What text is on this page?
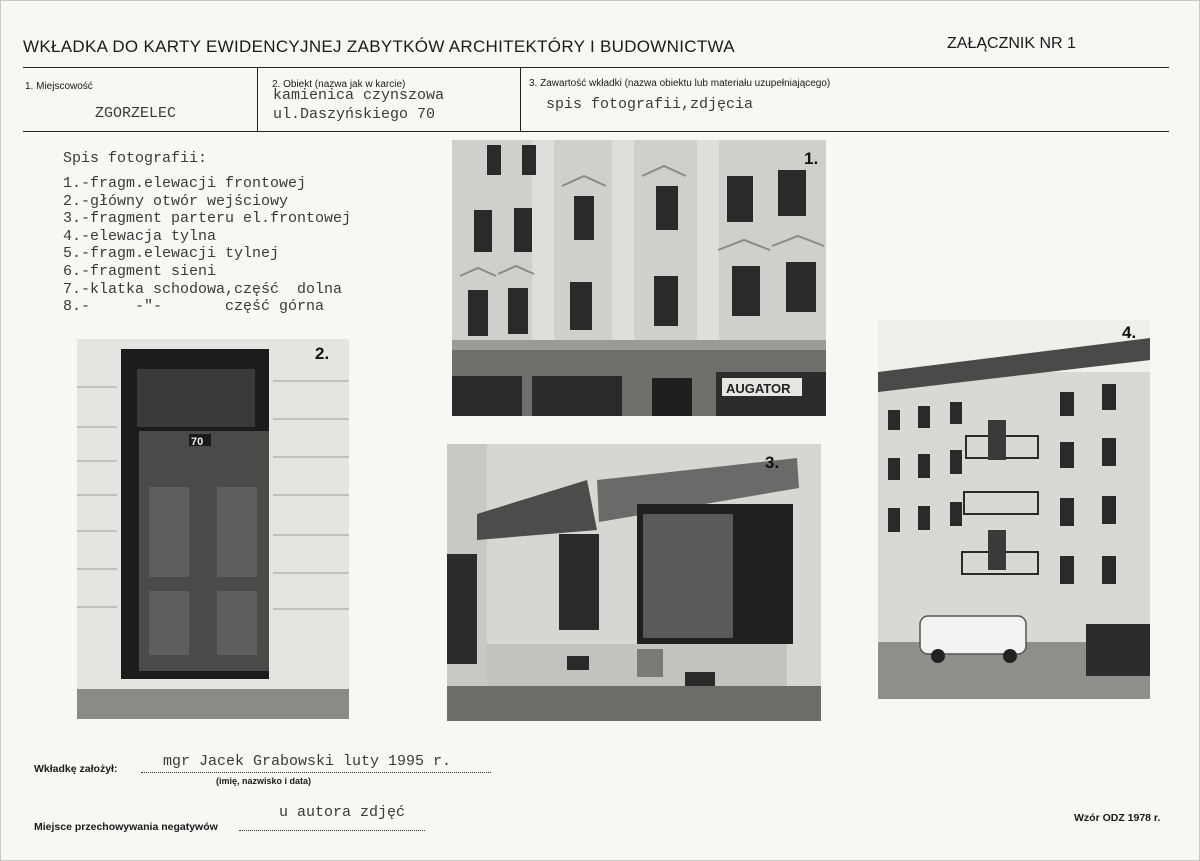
WKŁADKA DO KARTY EWIDENCYJNEJ ZABYTKÓW ARCHITEKTÓRY I BUDOWNICTWA	ZAŁĄCZNIK NR 1
1. Miejscowość
ZGORZELEC
2. Obiekt (nazwa jak w karcie)
kamienica czynszowa
ul.Daszyńskiego 70
3. Zawartość wkładki (nazwa obiektu lub materiału uzupełniającego)
spis fotografii,zdjęcia
Spis fotografii:
1.-fragm.elewacji frontowej
2.-główny otwór wejściowy
3.-fragment parteru el.frontowej
4.-elewacja tylna
5.-fragm.elewacji tylnej
6.-fragment sieni
7.-klatka schodowa,część  dolna
8.-     -"-       część górna
AUGATOR
1.
70
2.
3.
4.
Wkładkę założył:	mgr Jacek Grabowski luty 1995 r.
(imię, nazwisko i data)
Miejsce przechowywania negatywów
u autora zdjęć	Wzór ODZ 1978 r.
